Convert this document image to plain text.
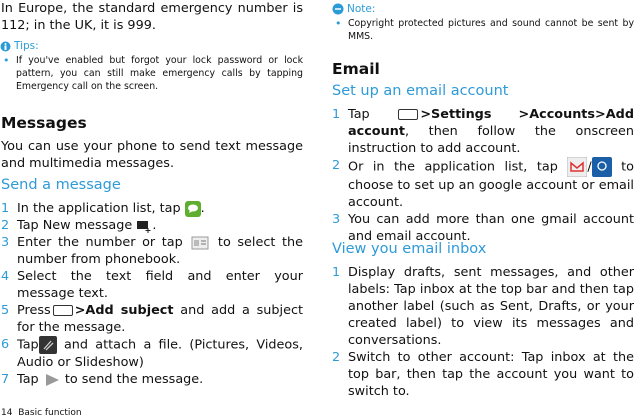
In Europe, the standard emergency number is 112; in the UK, it is 999.

Tips:

• If you've enabled but forgot your lock password or lock pattern, you can still make emergency calls by tapping Emergency call on the screen.

Messages

You can use your phone to send text message and multimedia messages.

Send a message
1 In the application list, tap .
2 Tap New message .
3 Enter the number or tap	to select the number from phonebook.
4 Select the text field and enter your message text.
5 Press >Add subject and add a subject for the message.
6 Tap and attach a file. (Pictures, Videos, Audio or Slideshow)
7 Tap to send the message.
14 Basic function
Note:

• Copyright protected pictures and sound cannot be sent by MMS.

Email
Set up an email account
1 Tap	>Settings >Accounts>Add account, then follow the onscreen instruction to add account.
2 Or in the application list, tap / to choose to set up an google account or email account.
3 You can add more than one gmail account and email account.
View you email inbox
1 Display drafts, sent messages, and other labels: Tap inbox at the top bar and then tap another label (such as Sent, Drafts, or your created label) to view its messages and conversations.
2 Switch to other account: Tap inbox at the top bar, then tap the account you want to switch to.
